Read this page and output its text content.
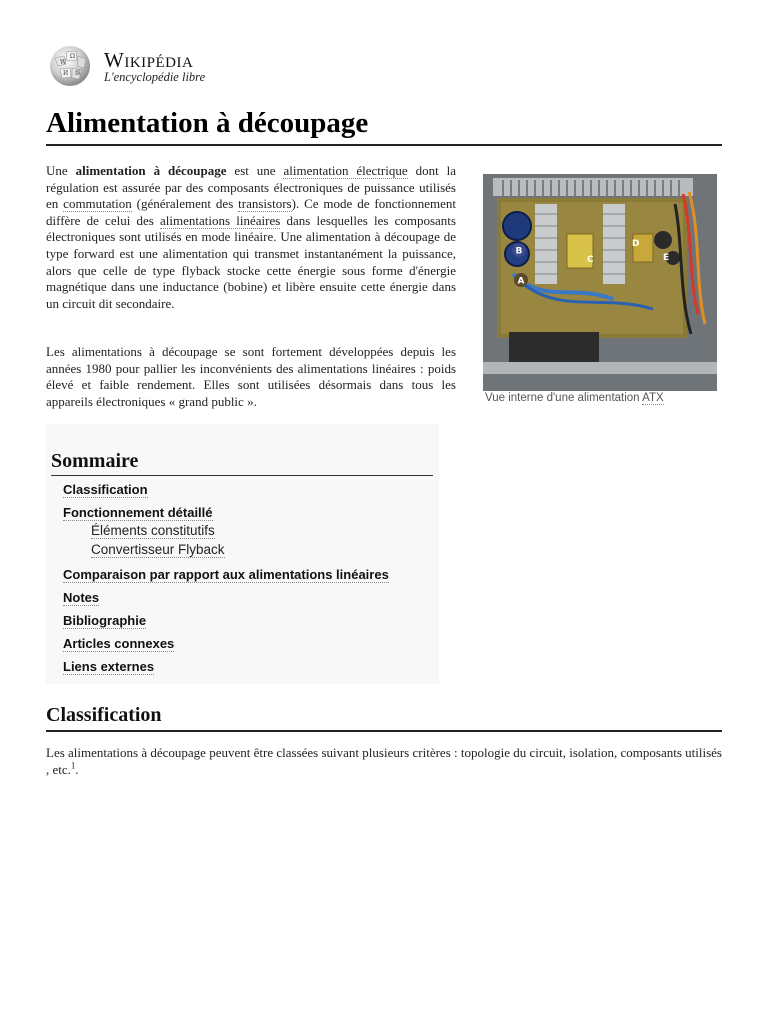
W
Ω
И 維
Wikipédia
L'encyclopédie libre
Alimentation à découpage
Une alimentation à découpage est une alimentation électrique dont la régulation est assurée par des composants électroniques de puissance utilisés en commutation (généralement des transistors). Ce mode de fonctionnement diffère de celui des alimentations linéaires dans lesquelles les composants électroniques sont utilisés en mode linéaire. Une alimentation à découpage de type forward est une alimentation qui transmet instantanément la puissance, alors que celle de type flyback stocke cette énergie sous forme d'énergie magnétique dans une inductance (bobine) et libère ensuite cette énergie dans un circuit dit secondaire.
Les alimentations à découpage se sont fortement développées depuis les années 1980 pour pallier les inconvénients des alimentations linéaires : poids élevé et faible rendement. Elles sont utilisées désormais dans tous les appareils électroniques « grand public ».
B
A
C
D
E
Vue interne d'une alimentation ATX
Sommaire
Classification
Fonctionnement détaillé
Éléments constitutifs
Convertisseur Flyback
Comparaison par rapport aux alimentations linéaires
Notes
Bibliographie
Articles connexes
Liens externes
Classification
Les alimentations à découpage peuvent être classées suivant plusieurs critères : topologie du circuit, isolation, composants utilisés , etc.$^1$.
